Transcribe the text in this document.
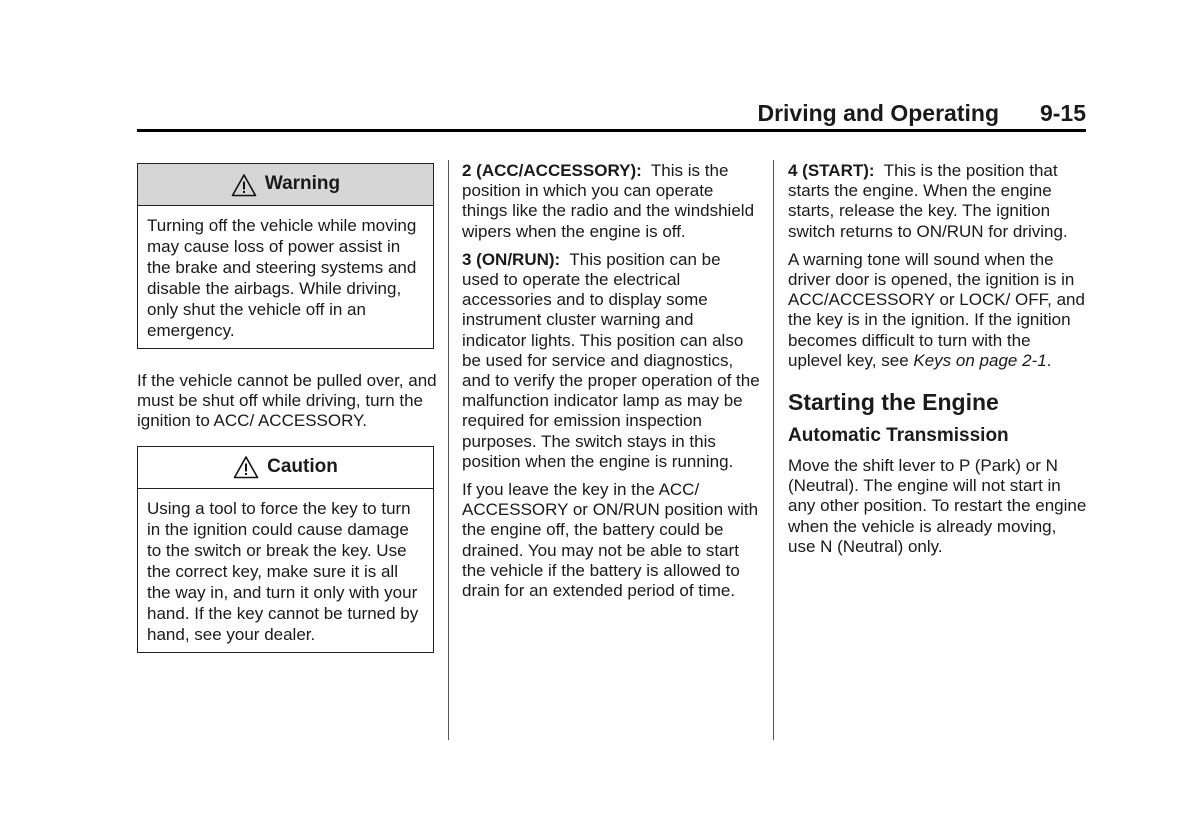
Driving and Operating 9-15
Warning
Turning off the vehicle while moving may cause loss of power assist in the brake and steering systems and disable the airbags. While driving, only shut the vehicle off in an emergency.

If the vehicle cannot be pulled over, and must be shut off while driving, turn the ignition to ACC/ ACCESSORY.

Caution
Using a tool to force the key to turn in the ignition could cause damage to the switch or break the key. Use the correct key, make sure it is all the way in, and turn it only with your hand. If the key cannot be turned by hand, see your dealer.

2 (ACC/ACCESSORY): This is the position in which you can operate things like the radio and the windshield wipers when the engine is off.

3 (ON/RUN): This position can be used to operate the electrical accessories and to display some instrument cluster warning and indicator lights. This position can also be used for service and diagnostics, and to verify the proper operation of the malfunction indicator lamp as may be required for emission inspection purposes. The switch stays in this position when the engine is running.

If you leave the key in the ACC/ ACCESSORY or ON/RUN position with the engine off, the battery could be drained. You may not be able to start the vehicle if the battery is allowed to drain for an extended period of time.

4 (START): This is the position that starts the engine. When the engine starts, release the key. The ignition switch returns to ON/RUN for driving.

A warning tone will sound when the driver door is opened, the ignition is in ACC/ACCESSORY or LOCK/ OFF, and the key is in the ignition. If the ignition becomes difficult to turn with the uplevel key, see Keys on page 2-1.

Starting the Engine
Automatic Transmission

Move the shift lever to P (Park) or N (Neutral). The engine will not start in any other position. To restart the engine when the vehicle is already moving, use N (Neutral) only.
